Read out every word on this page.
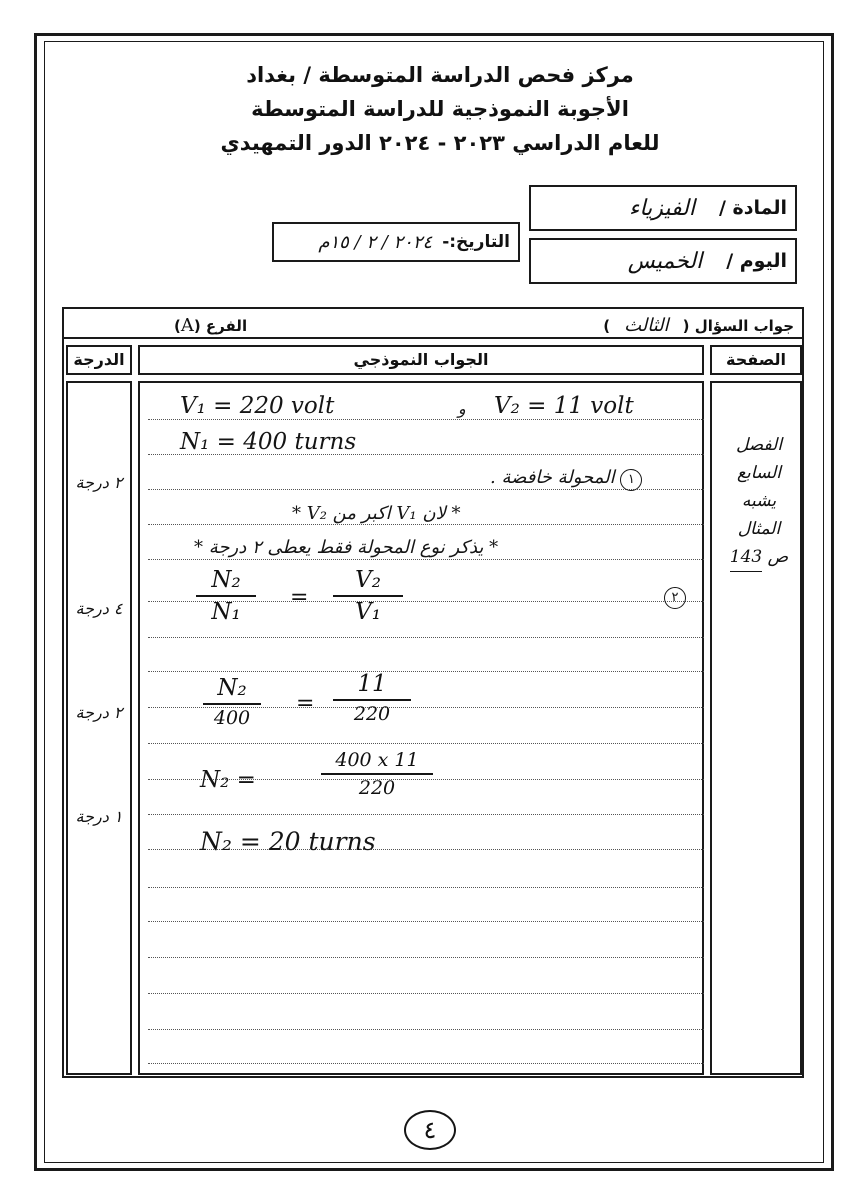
مركز فحص الدراسة المتوسطة / بغداد
الأجوبة النموذجية للدراسة المتوسطة
للعام الدراسي ٢٠٢٣ - ٢٠٢٤ الدور التمهيدي
المادة /
الفيزياء
اليوم /
الخميس
التاريخ:-
٢٠٢٤ / ٢ / ١٥م
جواب السؤال (الثالث)
الفرع (A)
الصفحة
الجواب النموذجي
الدرجة
V₁ = 220 volt	و V₂ = 11 volt
N₁ = 400 turns
١ المحولة خافضة .
* لان V₁ اكبر من V₂ *
* يذكر نوع المحولة فقط يعطى ٢ درجة *
٢
N₂
N₁
=
V₂
V₁
N₂
400
=
11
220
N₂ =
400 x 11
220
N₂ = 20 turns
٢ درجة
٤ درجة
٢ درجة
١ درجة
الفصل
السابع
يشبه
المثال
ص 143
٤
